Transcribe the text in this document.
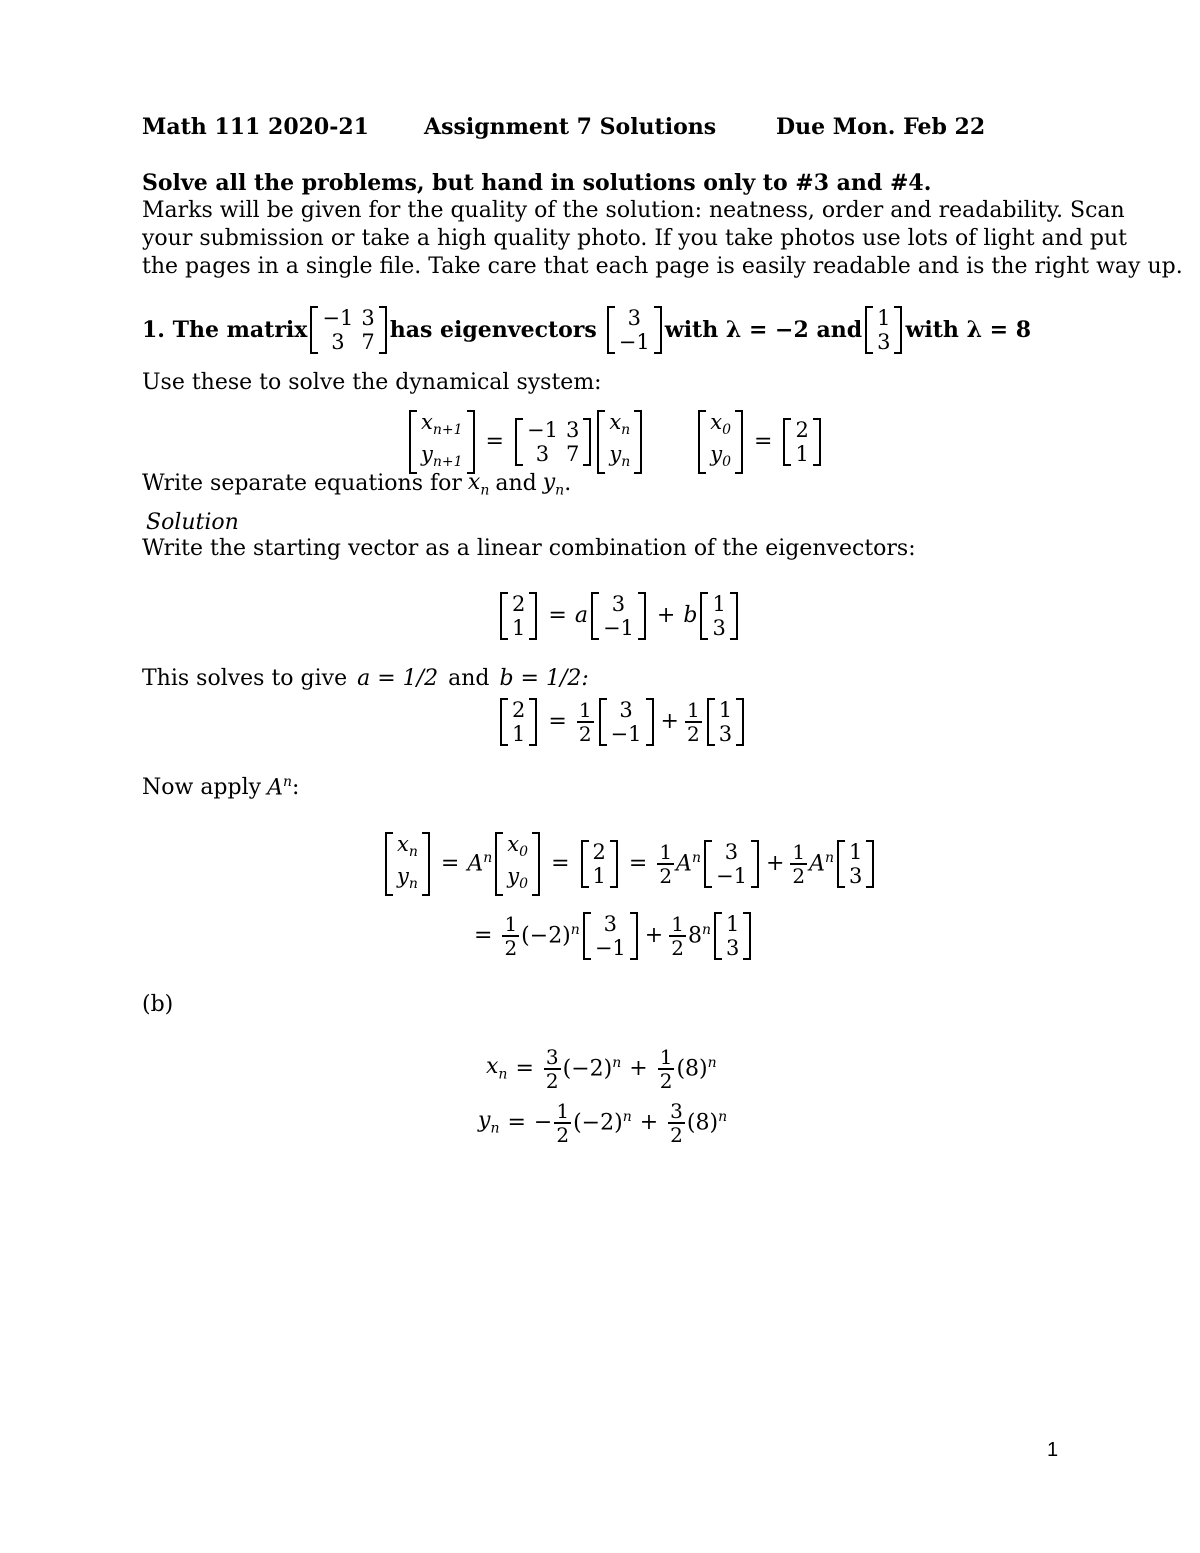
Math 111 2020-21	Assignment 7 Solutions	Due Mon. Feb 22
Solve all the problems, but hand in solutions only to #3 and #4.
Marks will be given for the quality of the solution: neatness, order and readability. Scan
your submission or take a high quality photo. If you take photos use lots of light and put
the pages in a single file. Take care that each page is easily readable and is the right way up.
1. The matrix −1	3
3	7 has eigenvectors 3
−1 with λ = −2 and 1
3 with λ = 8
Use these to solve the dynamical system:
$x_{n+1}$
$y_{n+1}$
= −1	3
3	7
$x_n$
$y_n$
$x_0$
$y_0$
= 2
1
Write separate equations for $x_n$ and $y_n$ .
Solution
Write the starting vector as a linear combination of the eigenvectors:
2
1
= a 3
−1
+ b 1
3
This solves to give a = 1/2 and b = 1/2:
2
1
= $\frac{1}{2} 3$
−1
+ $\frac{1}{2} 1$
3
Now apply $A^n$ :
$x_n$
$y_n$
= $A^n$
$x_0$
$y_0$
= 2
1
= $\frac{1}{2} A^n$ 3
−1
+ $\frac{1}{2} A^n$ 1
3
= $\frac{1}{2} (-2)^n$ 3
−1
+ $\frac{1}{2} 8^n$ 1
3
(b)
$x_n = \frac{3}{2} (-2)^n + \frac{1}{2} (8)^n$
$y_n$ = − $\frac{1}{2} (-2)^n + \frac{3}{2} (8)^n$
1
